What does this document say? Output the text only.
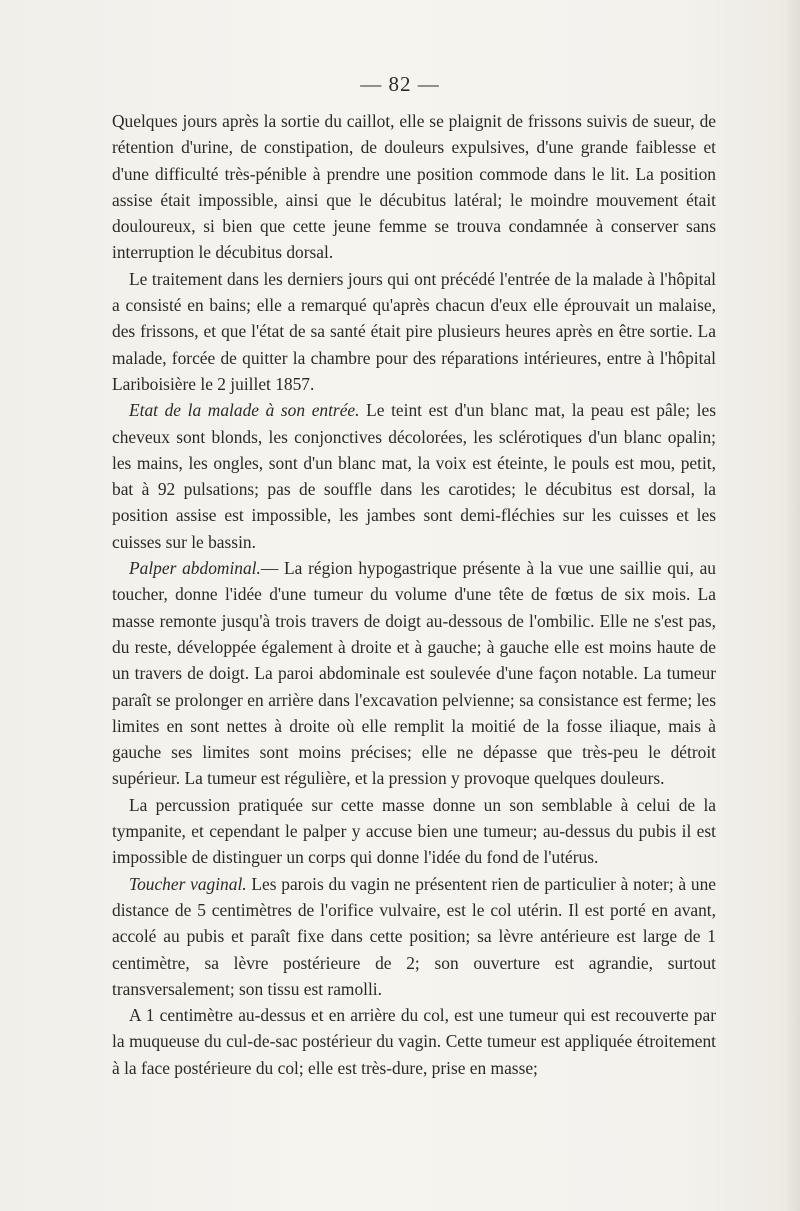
— 82 —

Quelques jours après la sortie du caillot, elle se plaignit de frissons suivis de sueur, de rétention d'urine, de constipation, de douleurs expulsives, d'une grande faiblesse et d'une difficulté très-pénible à prendre une position commode dans le lit. La position assise était impossible, ainsi que le décubitus latéral; le moindre mouvement était douloureux, si bien que cette jeune femme se trouva condamnée à conserver sans interruption le décubitus dorsal.

Le traitement dans les derniers jours qui ont précédé l'entrée de la malade à l'hôpital a consisté en bains; elle a remarqué qu'après chacun d'eux elle éprouvait un malaise, des frissons, et que l'état de sa santé était pire plusieurs heures après en être sortie. La malade, forcée de quitter la chambre pour des réparations intérieures, entre à l'hôpital Lariboisière le 2 juillet 1857.

Etat de la malade à son entrée. Le teint est d'un blanc mat, la peau est pâle; les cheveux sont blonds, les conjonctives décolorées, les sclérotiques d'un blanc opalin; les mains, les ongles, sont d'un blanc mat, la voix est éteinte, le pouls est mou, petit, bat à 92 pulsations; pas de souffle dans les carotides; le décubitus est dorsal, la position assise est impossible, les jambes sont demi-fléchies sur les cuisses et les cuisses sur le bassin.

Palper abdominal.— La région hypogastrique présente à la vue une saillie qui, au toucher, donne l'idée d'une tumeur du volume d'une tête de fœtus de six mois. La masse remonte jusqu'à trois travers de doigt au-dessous de l'ombilic. Elle ne s'est pas, du reste, développée également à droite et à gauche; à gauche elle est moins haute de un travers de doigt. La paroi abdominale est soulevée d'une façon notable. La tumeur paraît se prolonger en arrière dans l'excavation pelvienne; sa consistance est ferme; les limites en sont nettes à droite où elle remplit la moitié de la fosse iliaque, mais à gauche ses limites sont moins précises; elle ne dépasse que très-peu le détroit supérieur. La tumeur est régulière, et la pression y provoque quelques douleurs.

La percussion pratiquée sur cette masse donne un son semblable à celui de la tympanite, et cependant le palper y accuse bien une tumeur; au-dessus du pubis il est impossible de distinguer un corps qui donne l'idée du fond de l'utérus.

Toucher vaginal. Les parois du vagin ne présentent rien de particulier à noter; à une distance de 5 centimètres de l'orifice vulvaire, est le col utérin. Il est porté en avant, accolé au pubis et paraît fixe dans cette position; sa lèvre antérieure est large de 1 centimètre, sa lèvre postérieure de 2; son ouverture est agrandie, surtout transversalement; son tissu est ramolli.

A 1 centimètre au-dessus et en arrière du col, est une tumeur qui est recouverte par la muqueuse du cul-de-sac postérieur du vagin. Cette tumeur est appliquée étroitement à la face postérieure du col; elle est très-dure, prise en masse;
